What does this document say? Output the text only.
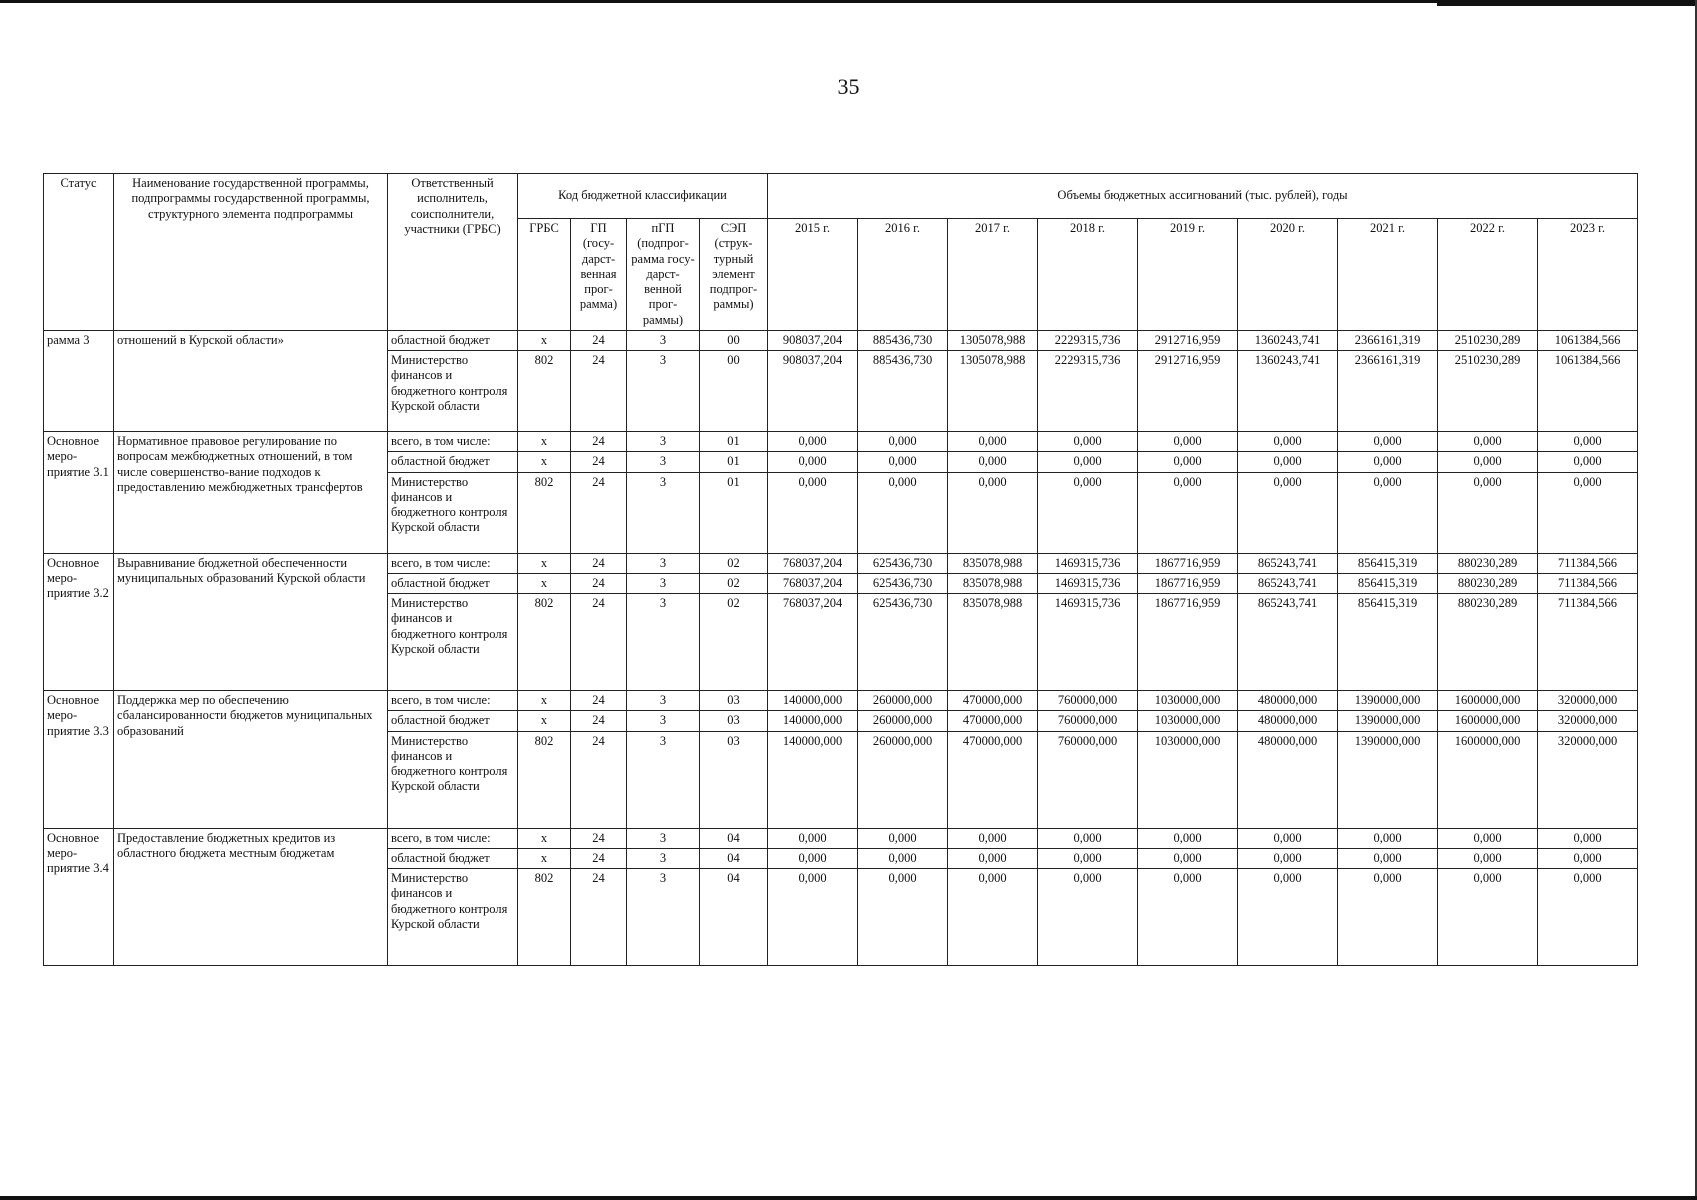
35
Статус	Наименование государственной программы, подпрограммы государственной программы, структурного элемента подпрограммы	Ответственный исполнитель, соисполнители, участники (ГРБС)	Код бюджетной классификации				Объемы бюджетных ассигнований (тыс. рублей), годы								
			ГРБС	ГП (госу-дарст-венная прог-рамма)	пГП (подпрог-рамма госу-дарст-венной прог-раммы)	СЭП (струк-турный элемент подпрог-раммы)	2015 г.	2016 г.	2017 г.	2018 г.	2019 г.	2020 г.	2021 г.	2022 г.	2023 г.
рамма 3	отношений в Курской области»	областной бюджет	x	24	3	00	908037,204	885436,730	1305078,988	2229315,736	2912716,959	1360243,741	2366161,319	2510230,289	1061384,566
		Министерство финансов и бюджетного контроля Курской области	802	24	3	00	908037,204	885436,730	1305078,988	2229315,736	2912716,959	1360243,741	2366161,319	2510230,289	1061384,566
Основное меро-приятие 3.1	Нормативное правовое регулирование по вопросам межбюджетных отношений, в том числе совершенство-вание подходов к предоставлению межбюджетных трансфертов	всего, в том числе:	x	24	3	01	0,000	0,000	0,000	0,000	0,000	0,000	0,000	0,000	0,000
		областной бюджет	x	24	3	01	0,000	0,000	0,000	0,000	0,000	0,000	0,000	0,000	0,000
		Министерство финансов и бюджетного контроля Курской области	802	24	3	01	0,000	0,000	0,000	0,000	0,000	0,000	0,000	0,000	0,000
Основное меро-приятие 3.2	Выравнивание бюджетной обеспеченности муниципальных образований Курской области	всего, в том числе:	x	24	3	02	768037,204	625436,730	835078,988	1469315,736	1867716,959	865243,741	856415,319	880230,289	711384,566
		областной бюджет	x	24	3	02	768037,204	625436,730	835078,988	1469315,736	1867716,959	865243,741	856415,319	880230,289	711384,566
		Министерство финансов и бюджетного контроля Курской области	802	24	3	02	768037,204	625436,730	835078,988	1469315,736	1867716,959	865243,741	856415,319	880230,289	711384,566
Основное меро-приятие 3.3	Поддержка мер по обеспечению сбалансированности бюджетов муниципальных образований	всего, в том числе:	x	24	3	03	140000,000	260000,000	470000,000	760000,000	1030000,000	480000,000	1390000,000	1600000,000	320000,000
		областной бюджет	x	24	3	03	140000,000	260000,000	470000,000	760000,000	1030000,000	480000,000	1390000,000	1600000,000	320000,000
		Министерство финансов и бюджетного контроля Курской области	802	24	3	03	140000,000	260000,000	470000,000	760000,000	1030000,000	480000,000	1390000,000	1600000,000	320000,000
Основное меро-приятие 3.4	Предоставление бюджетных кредитов из областного бюджета местным бюджетам	всего, в том числе:	x	24	3	04	0,000	0,000	0,000	0,000	0,000	0,000	0,000	0,000	0,000
		областной бюджет	x	24	3	04	0,000	0,000	0,000	0,000	0,000	0,000	0,000	0,000	0,000
		Министерство финансов и бюджетного контроля Курской области	802	24	3	04	0,000	0,000	0,000	0,000	0,000	0,000	0,000	0,000	0,000
